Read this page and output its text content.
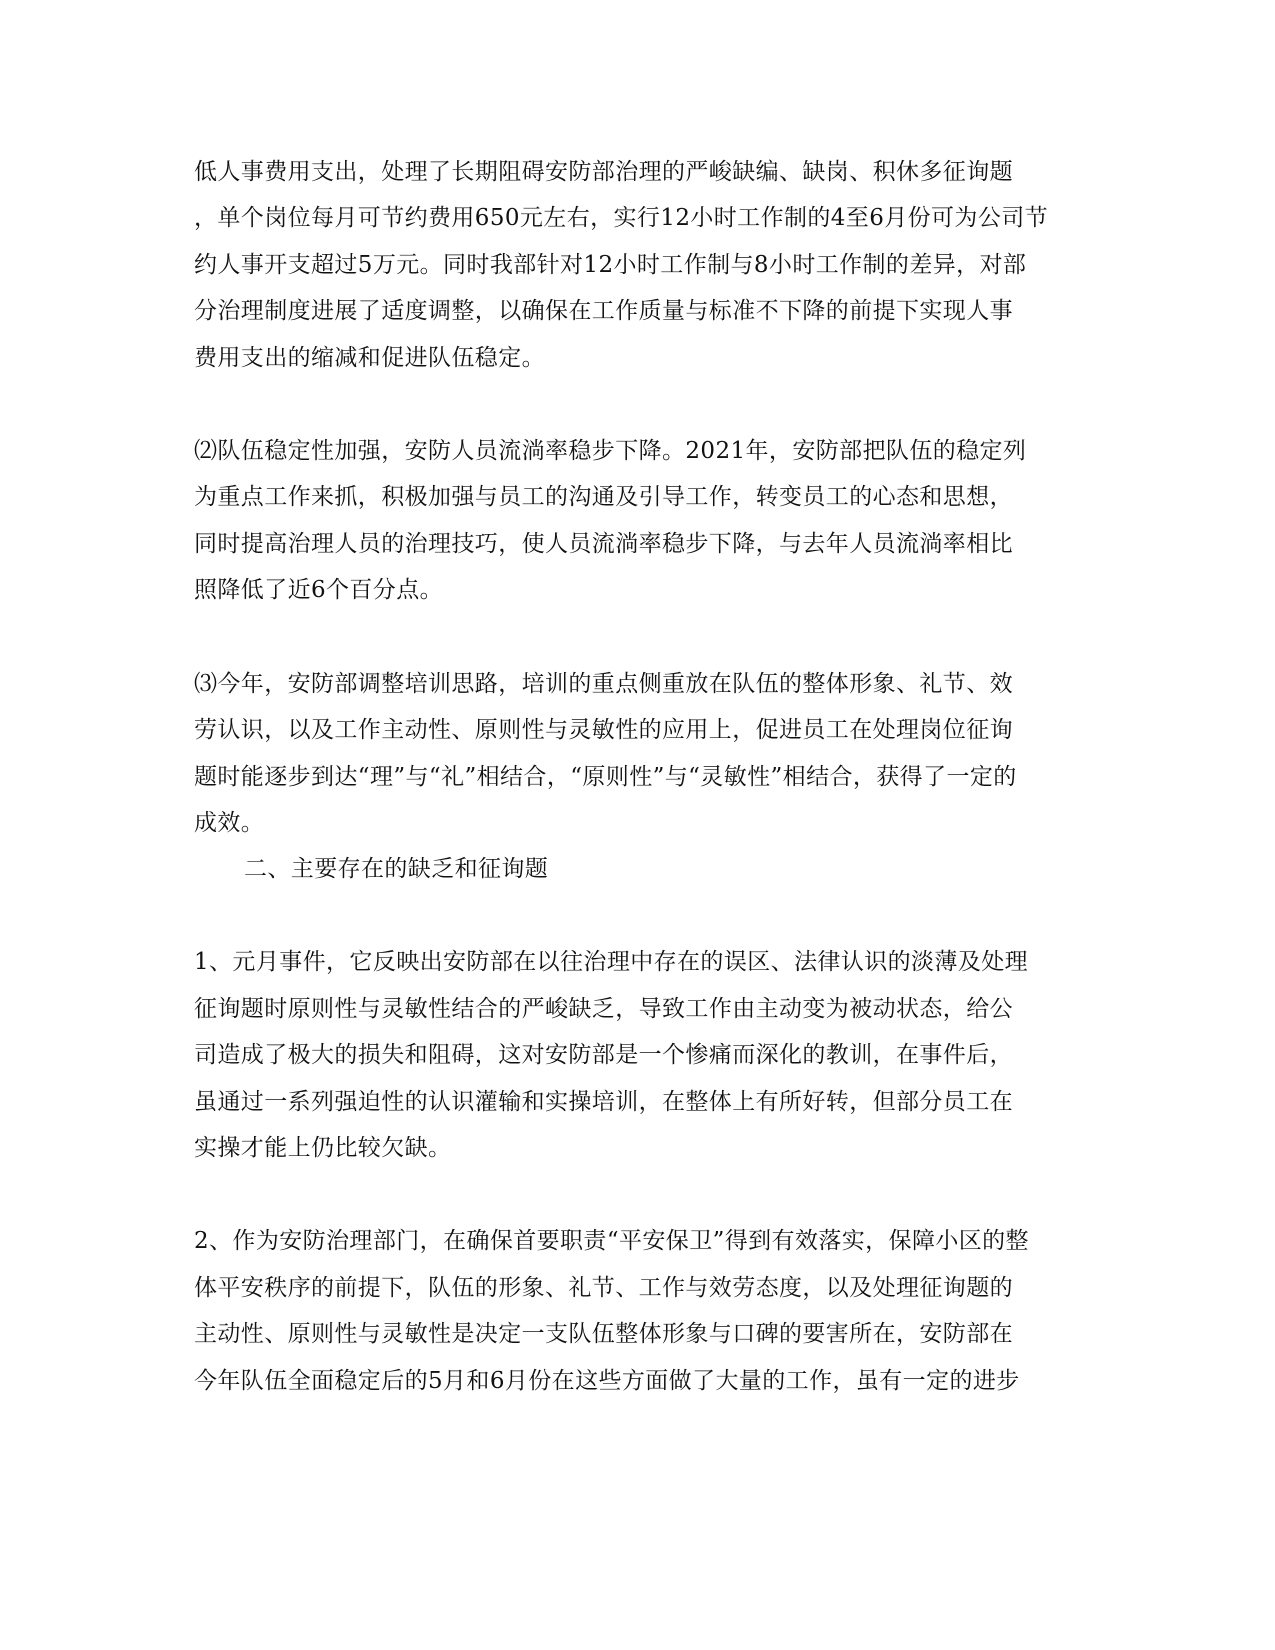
低人事费用支出，处理了长期阻碍安防部治理的严峻缺编、缺岗、积休多征询题
，单个岗位每月可节约费用650元左右，实行12小时工作制的4至6月份可为公司节
约人事开支超过5万元。同时我部针对12小时工作制与8小时工作制的差异，对部
分治理制度进展了适度调整，以确保在工作质量与标准不下降的前提下实现人事
费用支出的缩减和促进队伍稳定。
⑵队伍稳定性加强，安防人员流淌率稳步下降。2021年，安防部把队伍的稳定列
为重点工作来抓，积极加强与员工的沟通及引导工作，转变员工的心态和思想，
同时提高治理人员的治理技巧，使人员流淌率稳步下降，与去年人员流淌率相比
照降低了近6个百分点。
⑶今年，安防部调整培训思路，培训的重点侧重放在队伍的整体形象、礼节、效
劳认识，以及工作主动性、原则性与灵敏性的应用上，促进员工在处理岗位征询
题时能逐步到达“理”与“礼”相结合，“原则性”与“灵敏性”相结合，获得了一定的
成效。
二、主要存在的缺乏和征询题
1、元月事件，它反映出安防部在以往治理中存在的误区、法律认识的淡薄及处理
征询题时原则性与灵敏性结合的严峻缺乏，导致工作由主动变为被动状态，给公
司造成了极大的损失和阻碍，这对安防部是一个惨痛而深化的教训，在事件后，
虽通过一系列强迫性的认识灌输和实操培训，在整体上有所好转，但部分员工在
实操才能上仍比较欠缺。
2、作为安防治理部门，在确保首要职责“平安保卫”得到有效落实，保障小区的整
体平安秩序的前提下，队伍的形象、礼节、工作与效劳态度，以及处理征询题的
主动性、原则性与灵敏性是决定一支队伍整体形象与口碑的要害所在，安防部在
今年队伍全面稳定后的5月和6月份在这些方面做了大量的工作，虽有一定的进步
